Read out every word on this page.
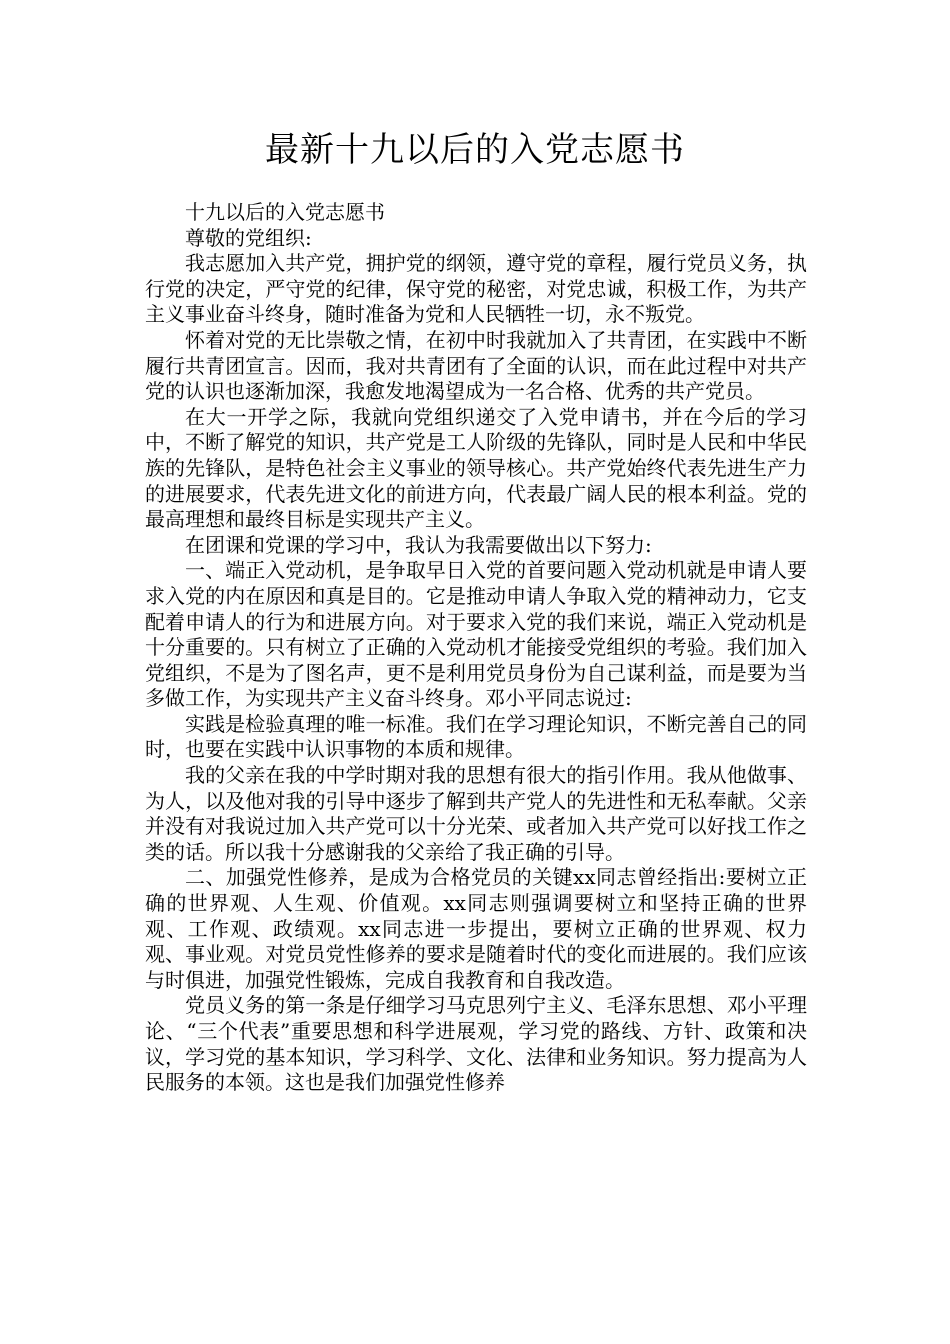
最新十九以后的入党志愿书

十九以后的入党志愿书

尊敬的党组织:

我志愿加入共产党，拥护党的纲领，遵守党的章程，履行党员义务，执行党的决定，严守党的纪律，保守党的秘密，对党忠诚，积极工作，为共产主义事业奋斗终身，随时准备为党和人民牺牲一切，永不叛党。

怀着对党的无比崇敬之情，在初中时我就加入了共青团，在实践中不断履行共青团宣言。因而，我对共青团有了全面的认识，而在此过程中对共产党的认识也逐渐加深，我愈发地渴望成为一名合格、优秀的共产党员。

在大一开学之际，我就向党组织递交了入党申请书，并在今后的学习中，不断了解党的知识，共产党是工人阶级的先锋队，同时是人民和中华民族的先锋队，是特色社会主义事业的领导核心。共产党始终代表先进生产力的进展要求，代表先进文化的前进方向，代表最广阔人民的根本利益。党的最高理想和最终目标是实现共产主义。

在团课和党课的学习中，我认为我需要做出以下努力:

一、端正入党动机，是争取早日入党的首要问题入党动机就是申请人要求入党的内在原因和真是目的。它是推动申请人争取入党的精神动力，它支配着申请人的行为和进展方向。对于要求入党的我们来说，端正入党动机是十分重要的。只有树立了正确的入党动机才能接受党组织的考验。我们加入党组织，不是为了图名声，更不是利用党员身份为自己谋利益，而是要为当多做工作，为实现共产主义奋斗终身。邓小平同志说过:

实践是检验真理的唯一标准。我们在学习理论知识，不断完善自己的同时，也要在实践中认识事物的本质和规律。

我的父亲在我的中学时期对我的思想有很大的指引作用。我从他做事、为人，以及他对我的引导中逐步了解到共产党人的先进性和无私奉献。父亲并没有对我说过加入共产党可以十分光荣、或者加入共产党可以好找工作之类的话。所以我十分感谢我的父亲给了我正确的引导。

二、加强党性修养，是成为合格党员的关键xx同志曾经指出:要树立正确的世界观、人生观、价值观。xx同志则强调要树立和坚持正确的世界观、工作观、政绩观。xx同志进一步提出，要树立正确的世界观、权力观、事业观。对党员党性修养的要求是随着时代的变化而进展的。我们应该与时俱进，加强党性锻炼，完成自我教育和自我改造。

党员义务的第一条是仔细学习马克思列宁主义、毛泽东思想、邓小平理论、“三个代表”重要思想和科学进展观，学习党的路线、方针、政策和决议，学习党的基本知识，学习科学、文化、法律和业务知识。努力提高为人民服务的本领。这也是我们加强党性修养
